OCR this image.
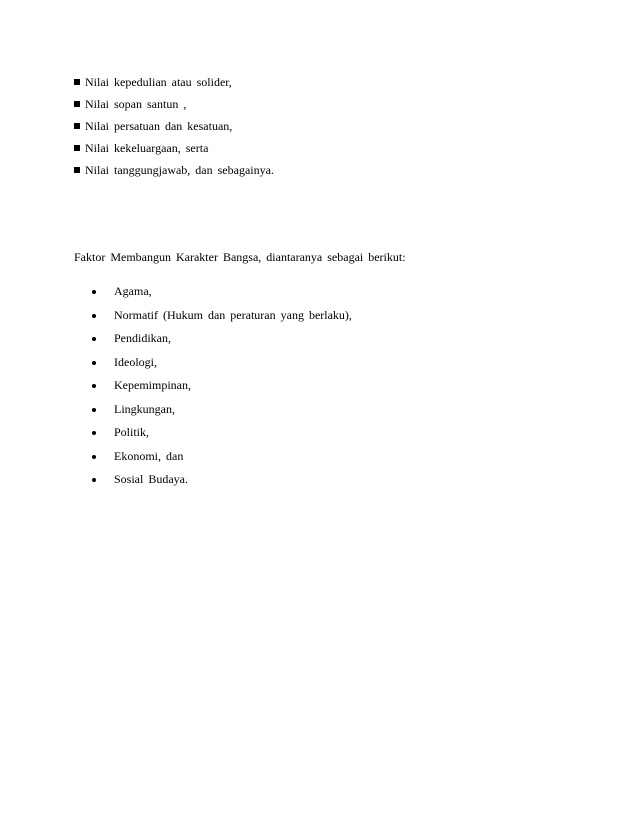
Nilai kepedulian atau solider,
Nilai sopan santun ,
Nilai persatuan dan kesatuan,
Nilai kekeluargaan, serta
Nilai tanggungjawab, dan sebagainya.

Faktor Membangun Karakter Bangsa, diantaranya sebagai berikut:

Agama,
Normatif (Hukum dan peraturan yang berlaku),
Pendidikan,
Ideologi,
Kepemimpinan,
Lingkungan,
Politik,
Ekonomi, dan
Sosial Budaya.
